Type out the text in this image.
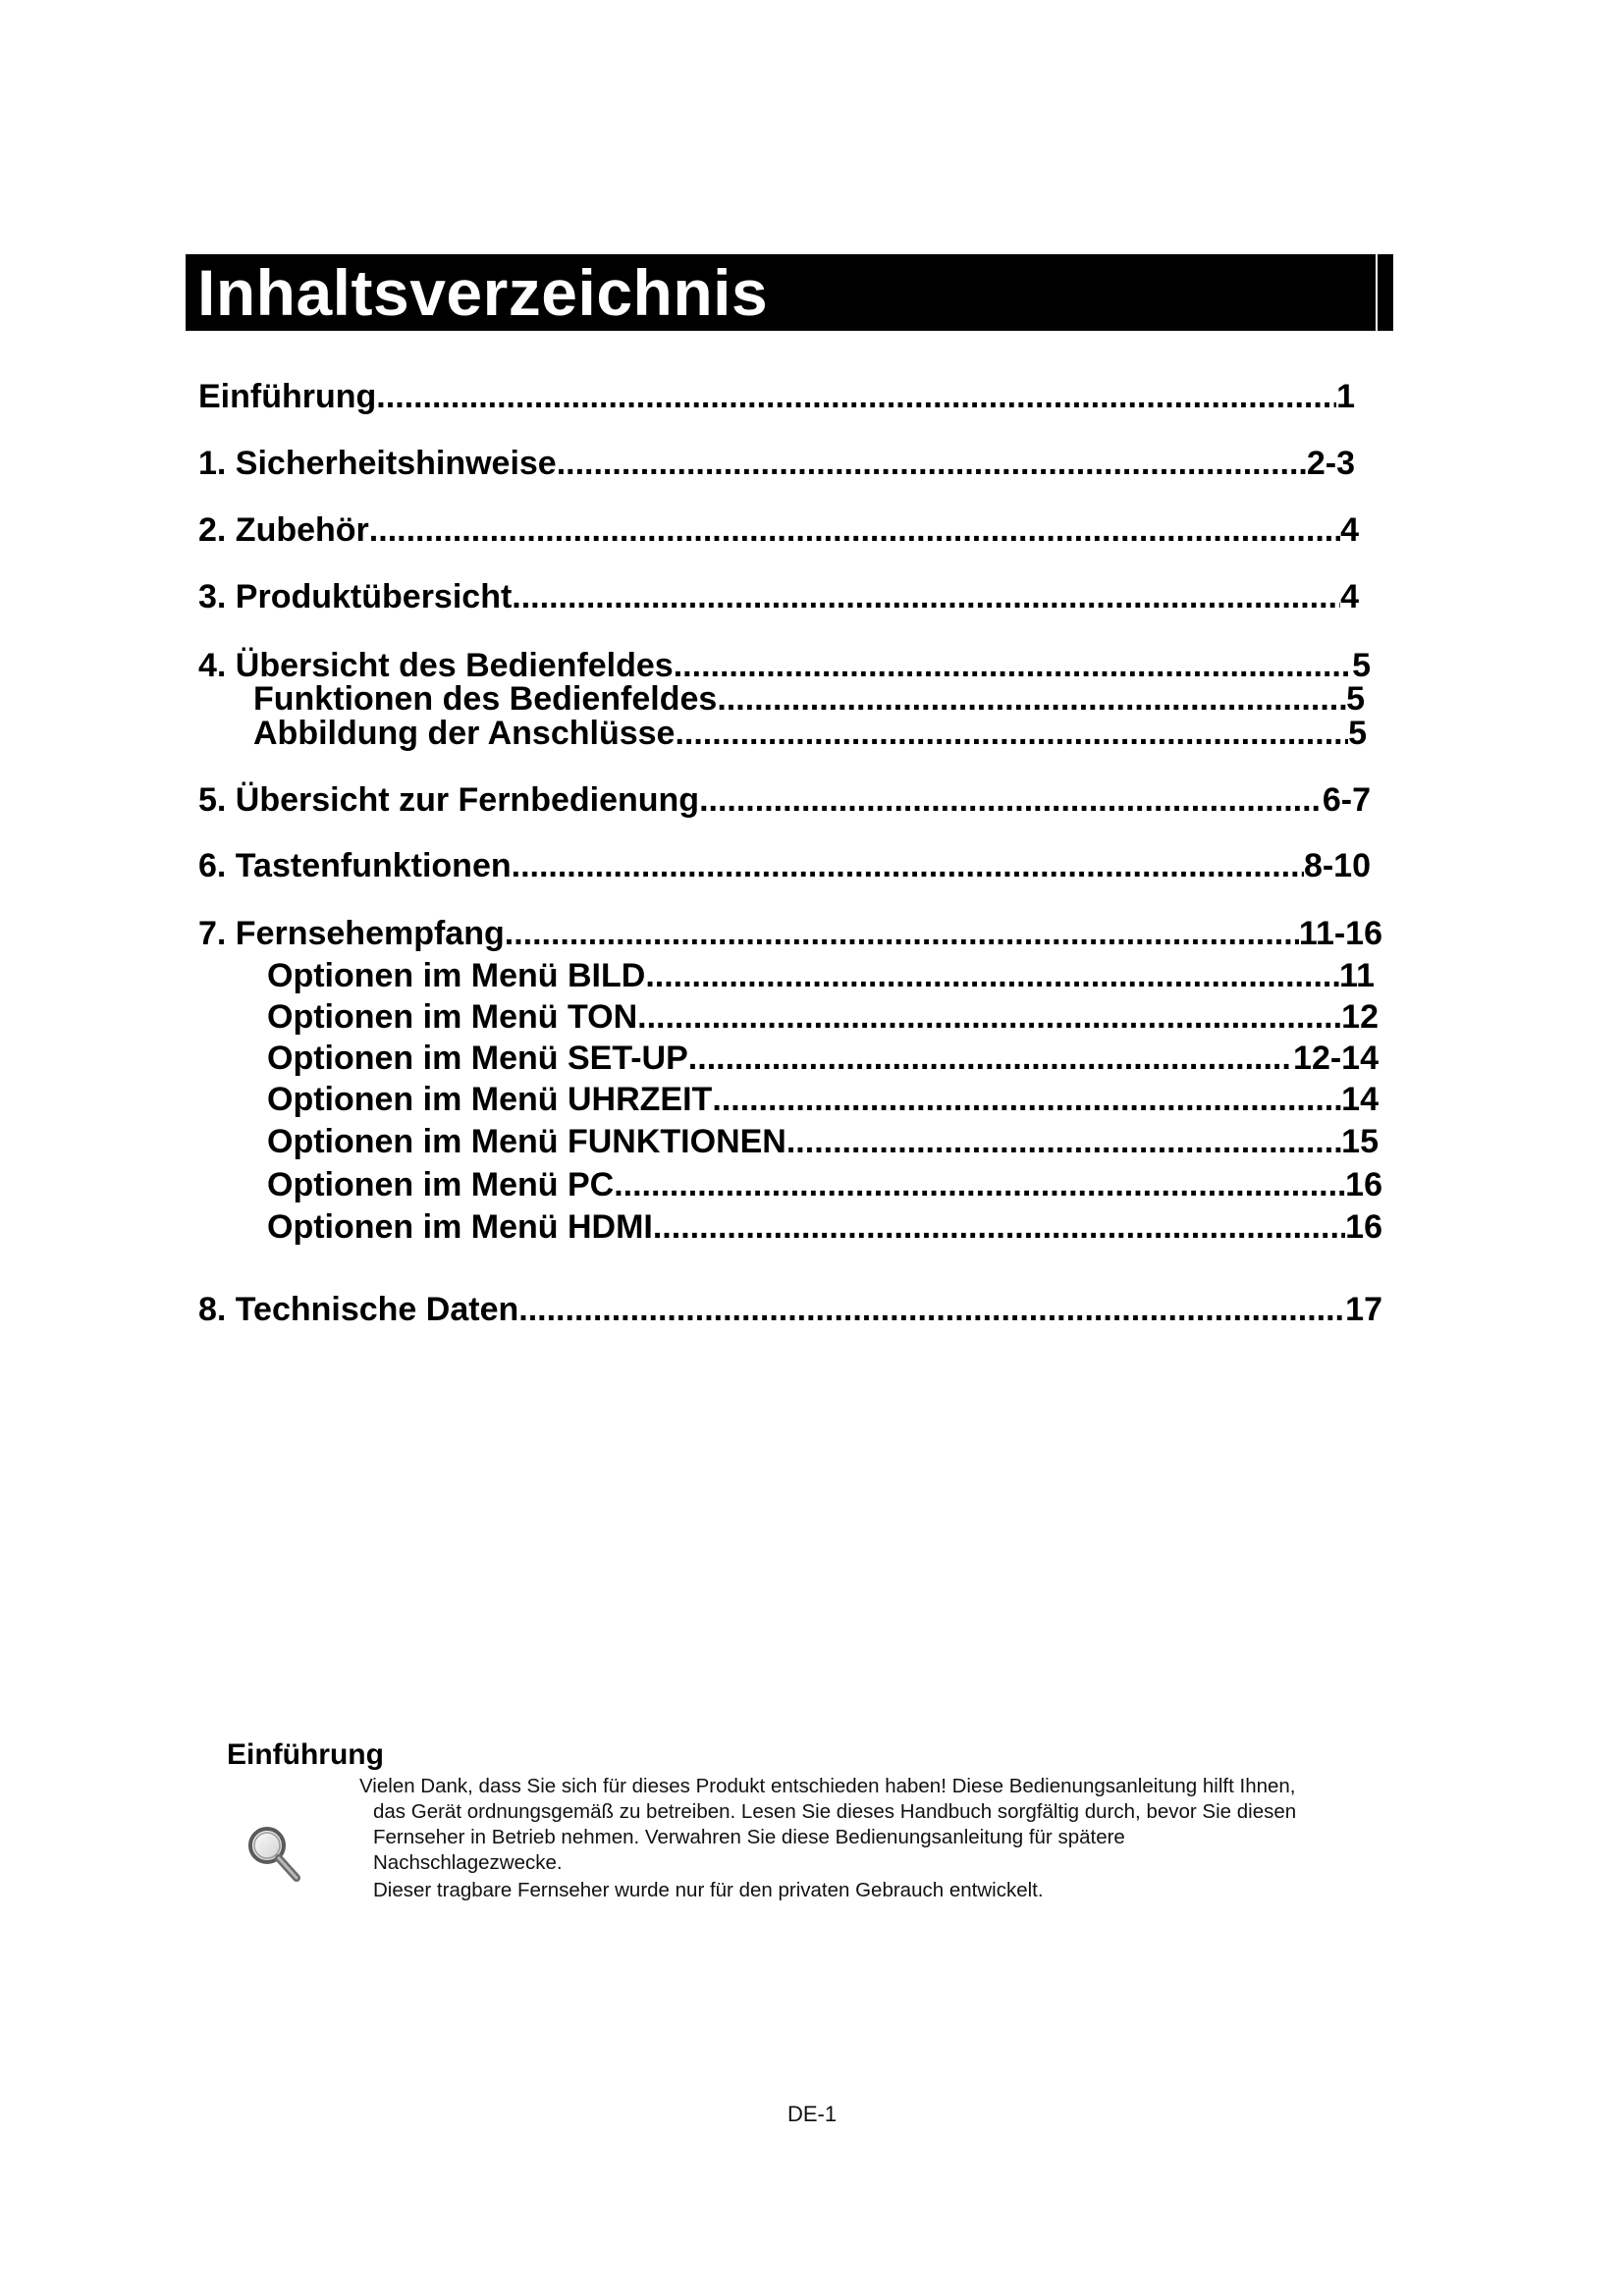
Inhaltsverzeichnis
Einführung .....	1
1. Sicherheitshinweise .....	2-3
2. Zubehör .....	4
3. Produktübersicht .....	4
4. Übersicht des Bedienfeldes .....	5
Funktionen des Bedienfeldes .....	5
Abbildung der Anschlüsse .....	5
5. Übersicht zur Fernbedienung .....	6-7
6. Tastenfunktionen .....	8-10
7. Fernsehempfang .....	11-16
Optionen im Menü BILD .....	11
Optionen im Menü TON .....	12
Optionen im Menü SET-UP .....	12-14
Optionen im Menü UHRZEIT .....	14
Optionen im Menü FUNKTIONEN .....	15
Optionen im Menü PC .....	16
Optionen im Menü HDMI .....	16
8. Technische Daten .....	17
Einführung
Vielen Dank, dass Sie sich für dieses Produkt entschieden haben! Diese Bedienungsanleitung hilft Ihnen,
das Gerät ordnungsgemäß zu betreiben. Lesen Sie dieses Handbuch sorgfältig durch, bevor Sie diesen
Fernseher in Betrieb nehmen. Verwahren Sie diese Bedienungsanleitung für spätere
Nachschlagezwecke.
Dieser tragbare Fernseher wurde nur für den privaten Gebrauch entwickelt.
DE-1
